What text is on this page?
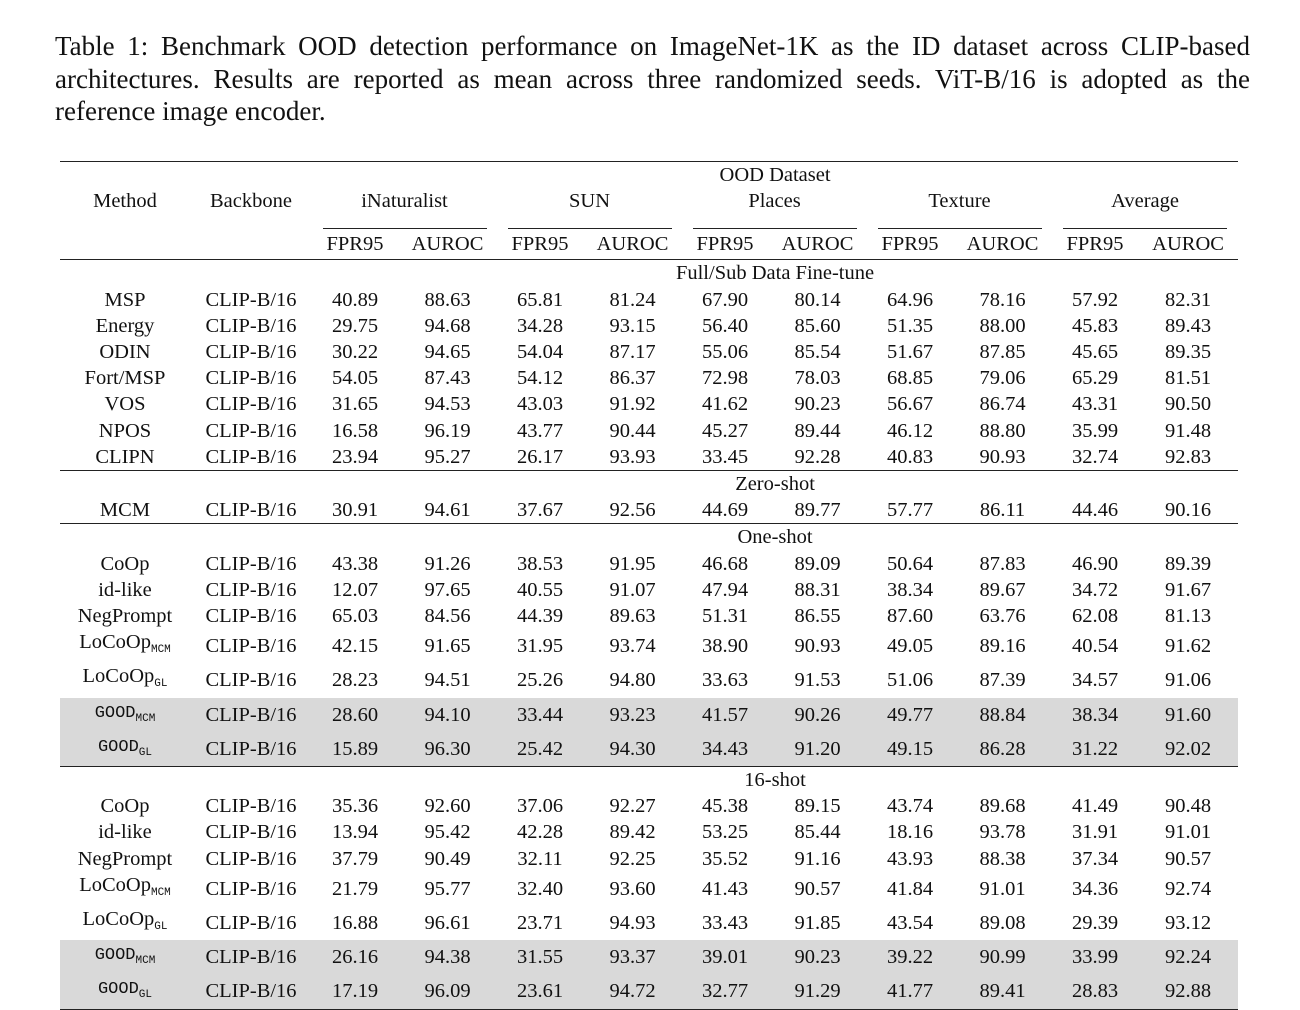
Table 1: Benchmark OOD detection performance on ImageNet-1K as the ID dataset across CLIP-based architectures. Results are reported as mean across three randomized seeds. ViT-B/16 is adopted as the reference image encoder.

		OOD Dataset									
Method	Backbone	iNaturalist		SUN		Places		Texture		Average	

		FPR95	AUROC	FPR95	AUROC	FPR95	AUROC	FPR95	AUROC	FPR95	AUROC
		Full/Sub Data Fine-tune									
MSP	CLIP-B/16	40.89	88.63	65.81	81.24	67.90	80.14	64.96	78.16	57.92	82.31
Energy	CLIP-B/16	29.75	94.68	34.28	93.15	56.40	85.60	51.35	88.00	45.83	89.43
ODIN	CLIP-B/16	30.22	94.65	54.04	87.17	55.06	85.54	51.67	87.85	45.65	89.35
Fort/MSP	CLIP-B/16	54.05	87.43	54.12	86.37	72.98	78.03	68.85	79.06	65.29	81.51
VOS	CLIP-B/16	31.65	94.53	43.03	91.92	41.62	90.23	56.67	86.74	43.31	90.50
NPOS	CLIP-B/16	16.58	96.19	43.77	90.44	45.27	89.44	46.12	88.80	35.99	91.48
CLIPN	CLIP-B/16	23.94	95.27	26.17	93.93	33.45	92.28	40.83	90.93	32.74	92.83
		Zero-shot									
MCM	CLIP-B/16	30.91	94.61	37.67	92.56	44.69	89.77	57.77	86.11	44.46	90.16
		One-shot									
CoOp	CLIP-B/16	43.38	91.26	38.53	91.95	46.68	89.09	50.64	87.83	46.90	89.39
id-like	CLIP-B/16	12.07	97.65	40.55	91.07	47.94	88.31	38.34	89.67	34.72	91.67
NegPrompt	CLIP-B/16	65.03	84.56	44.39	89.63	51.31	86.55	87.60	63.76	62.08	81.13
LoCoOp$_{MCM}$	CLIP-B/16	42.15	91.65	31.95	93.74	38.90	90.93	49.05	89.16	40.54	91.62
LoCoOp$_{GL}$	CLIP-B/16	28.23	94.51	25.26	94.80	33.63	91.53	51.06	87.39	34.57	91.06
$GOOD_{MCM}$	CLIP-B/16	28.60	94.10	33.44	93.23	41.57	90.26	49.77	88.84	38.34	91.60
$GOOD_{GL}$	CLIP-B/16	15.89	96.30	25.42	94.30	34.43	91.20	49.15	86.28	31.22	92.02
		16-shot									
CoOp	CLIP-B/16	35.36	92.60	37.06	92.27	45.38	89.15	43.74	89.68	41.49	90.48
id-like	CLIP-B/16	13.94	95.42	42.28	89.42	53.25	85.44	18.16	93.78	31.91	91.01
NegPrompt	CLIP-B/16	37.79	90.49	32.11	92.25	35.52	91.16	43.93	88.38	37.34	90.57
LoCoOp$_{MCM}$	CLIP-B/16	21.79	95.77	32.40	93.60	41.43	90.57	41.84	91.01	34.36	92.74
LoCoOp$_{GL}$	CLIP-B/16	16.88	96.61	23.71	94.93	33.43	91.85	43.54	89.08	29.39	93.12
$GOOD_{MCM}$	CLIP-B/16	26.16	94.38	31.55	93.37	39.01	90.23	39.22	90.99	33.99	92.24
$GOOD_{GL}$	CLIP-B/16	17.19	96.09	23.61	94.72	32.77	91.29	41.77	89.41	28.83	92.88
